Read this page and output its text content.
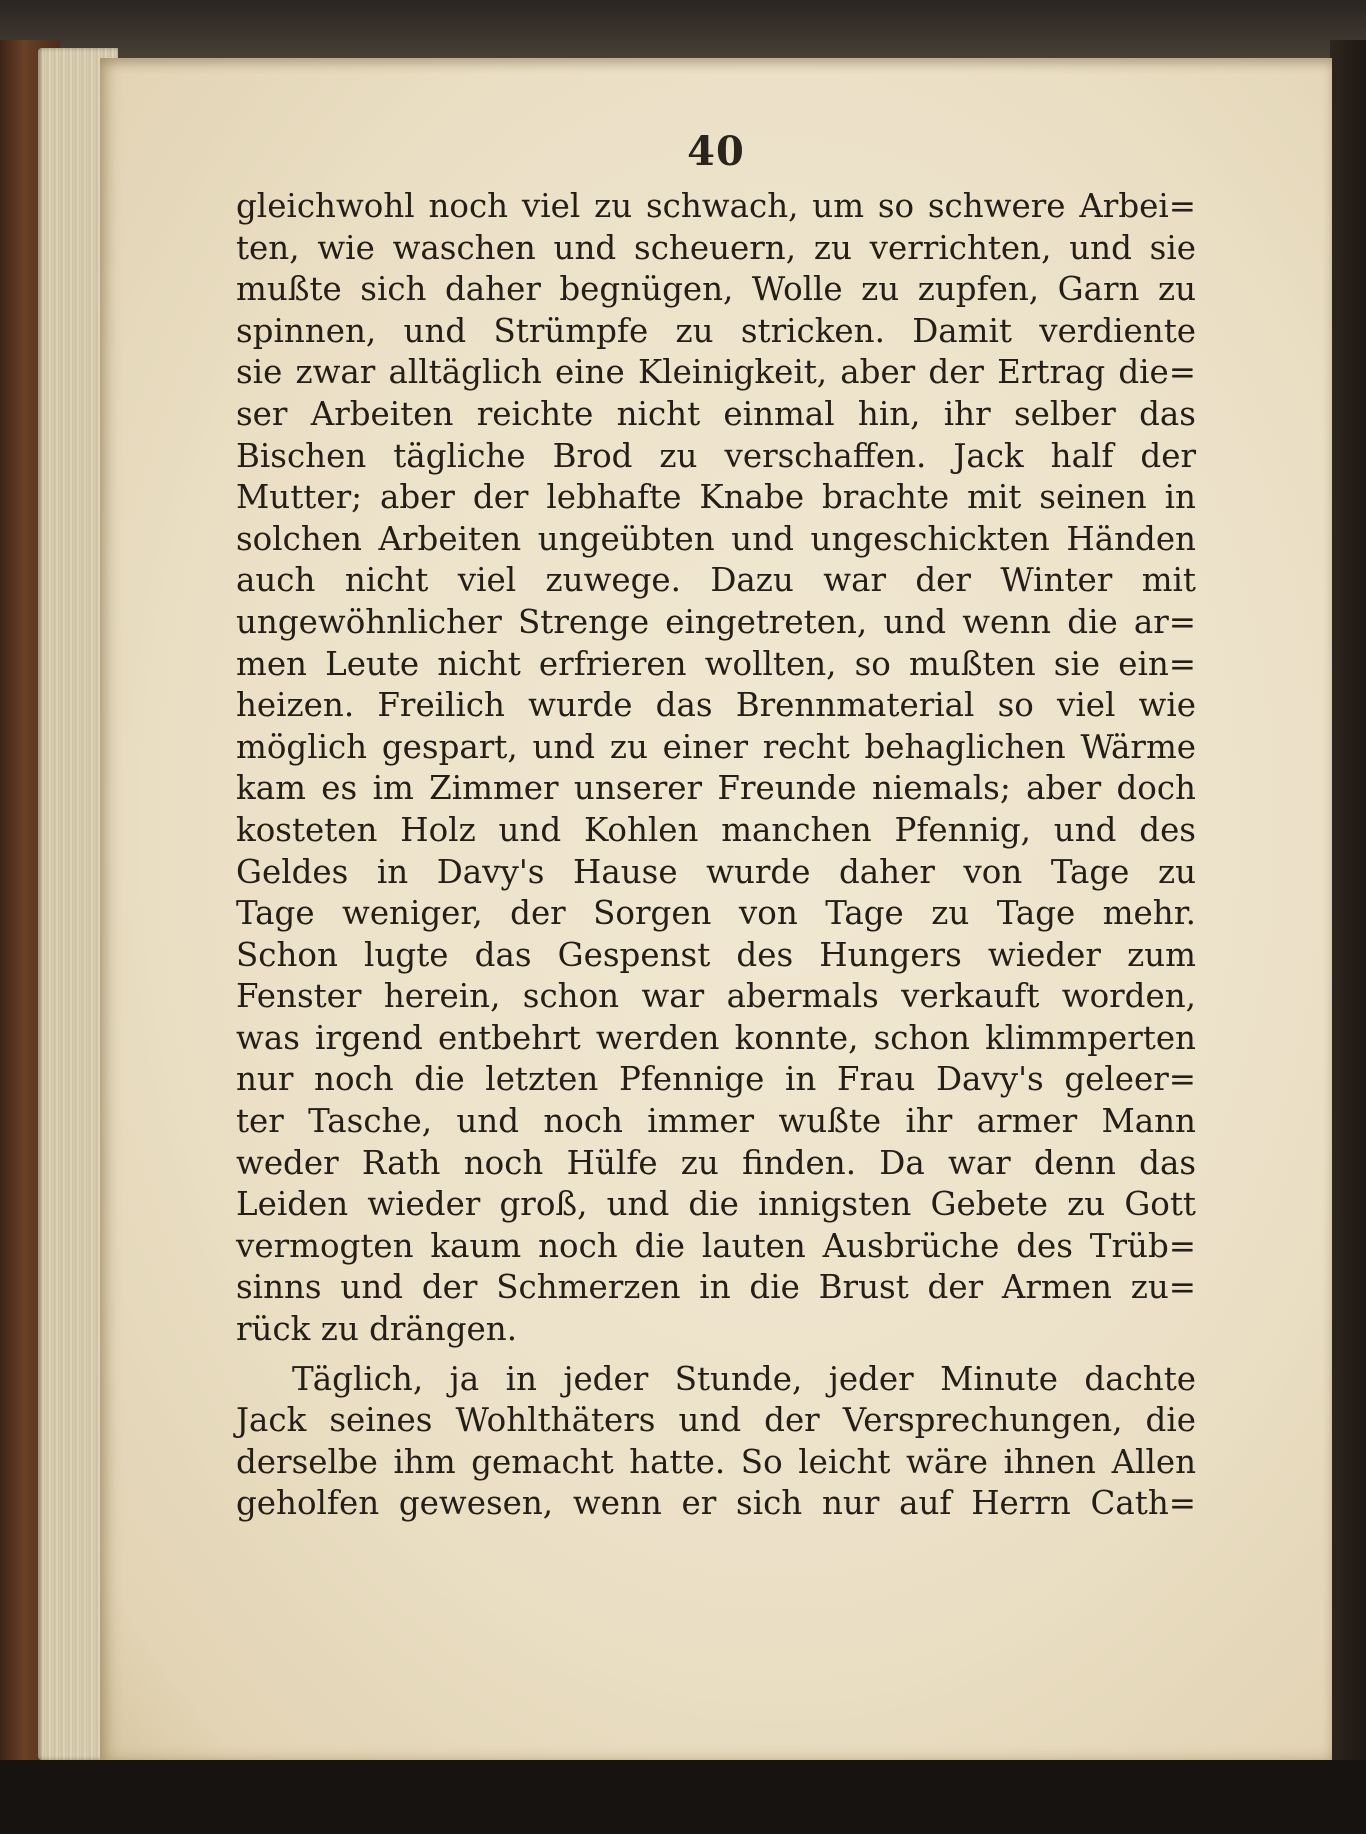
40
gleichwohl noch viel zu schwach, um so schwere Arbei=
ten, wie waschen und scheuern, zu verrichten, und sie
mußte sich daher begnügen, Wolle zu zupfen, Garn zu
spinnen, und Strümpfe zu stricken. Damit verdiente
sie zwar alltäglich eine Kleinigkeit, aber der Ertrag die=
ser Arbeiten reichte nicht einmal hin, ihr selber das
Bischen tägliche Brod zu verschaffen. Jack half der
Mutter; aber der lebhafte Knabe brachte mit seinen in
solchen Arbeiten ungeübten und ungeschickten Händen
auch nicht viel zuwege. Dazu war der Winter mit
ungewöhnlicher Strenge eingetreten, und wenn die ar=
men Leute nicht erfrieren wollten, so mußten sie ein=
heizen. Freilich wurde das Brennmaterial so viel wie
möglich gespart, und zu einer recht behaglichen Wärme
kam es im Zimmer unserer Freunde niemals; aber doch
kosteten Holz und Kohlen manchen Pfennig, und des
Geldes in Davy's Hause wurde daher von Tage zu
Tage weniger, der Sorgen von Tage zu Tage mehr.
Schon lugte das Gespenst des Hungers wieder zum
Fenster herein, schon war abermals verkauft worden,
was irgend entbehrt werden konnte, schon klimmperten
nur noch die letzten Pfennige in Frau Davy's geleer=
ter Tasche, und noch immer wußte ihr armer Mann
weder Rath noch Hülfe zu finden. Da war denn das
Leiden wieder groß, und die innigsten Gebete zu Gott
vermogten kaum noch die lauten Ausbrüche des Trüb=
sinns und der Schmerzen in die Brust der Armen zu=
rück zu drängen.
Täglich, ja in jeder Stunde, jeder Minute dachte
Jack seines Wohlthäters und der Versprechungen, die
derselbe ihm gemacht hatte. So leicht wäre ihnen Allen
geholfen gewesen, wenn er sich nur auf Herrn Cath=
